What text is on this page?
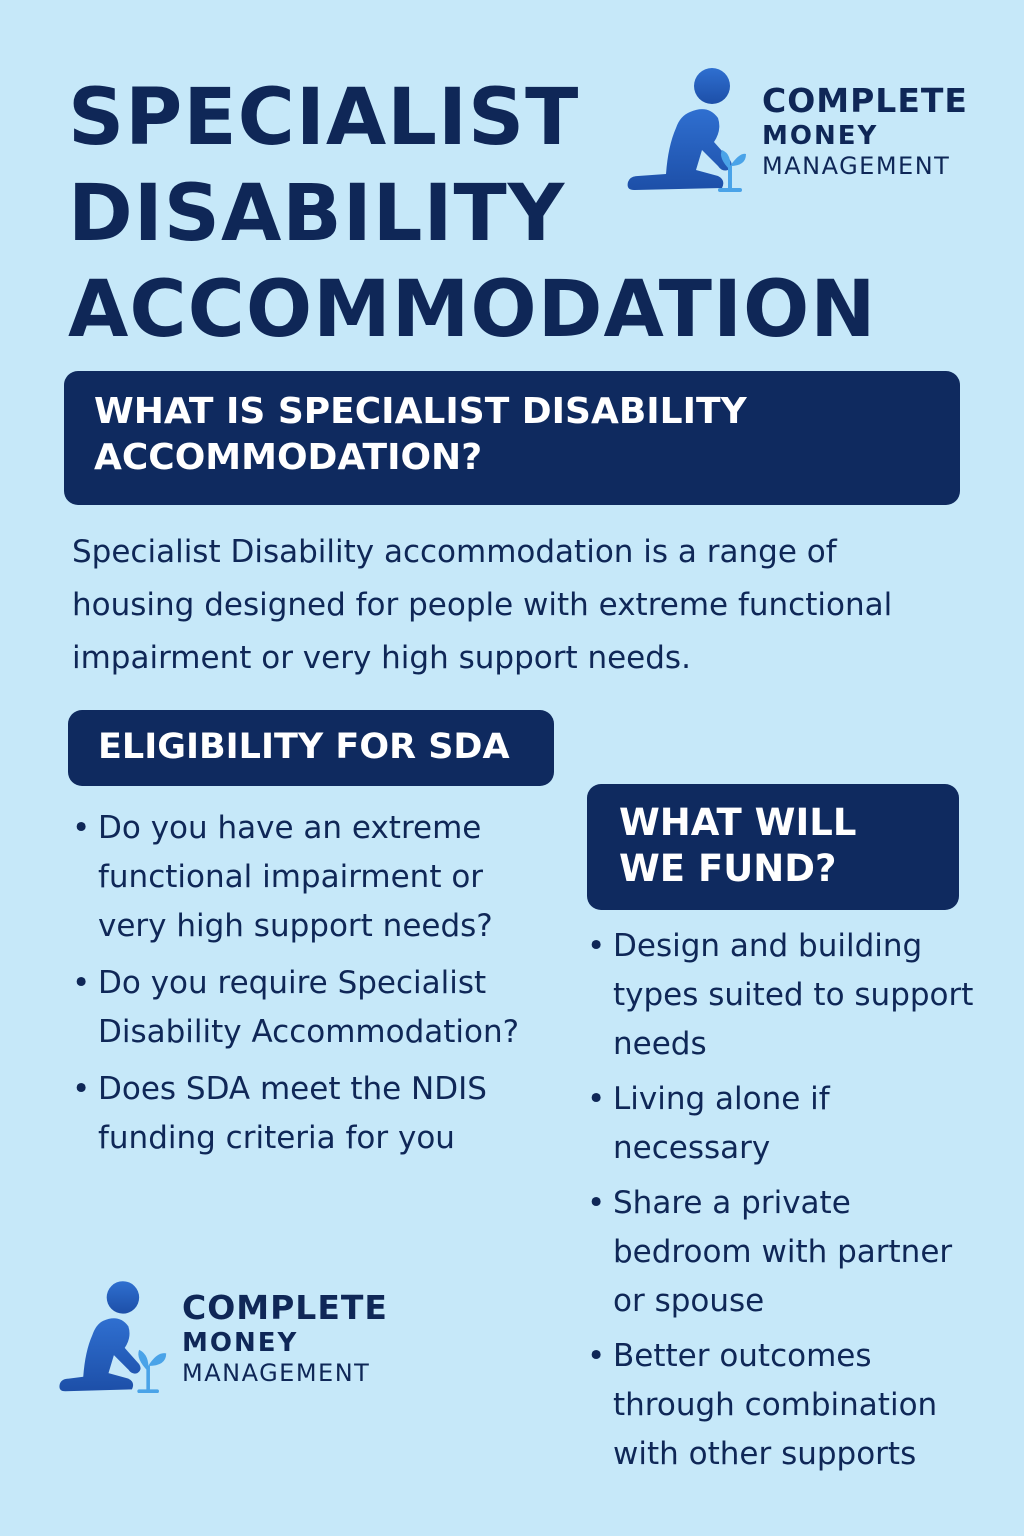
SPECIALIST
DISABILITY
ACCOMMODATION
COMPLETE
MONEY
MANAGEMENT
WHAT IS SPECIALIST DISABILITY ACCOMMODATION?

Specialist Disability accommodation is a range of housing designed for people with extreme functional impairment or very high support needs.

ELIGIBILITY FOR SDA
• Do you have an extreme functional impairment or very high support needs?
• Do you require Specialist Disability Accommodation?
• Does SDA meet the NDIS funding criteria for you
WHAT WILL WE FUND?
• Design and building types suited to support needs
• Living alone if necessary
• Share a private bedroom with partner or spouse
• Better outcomes through combination with other supports
COMPLETE
MONEY
MANAGEMENT
